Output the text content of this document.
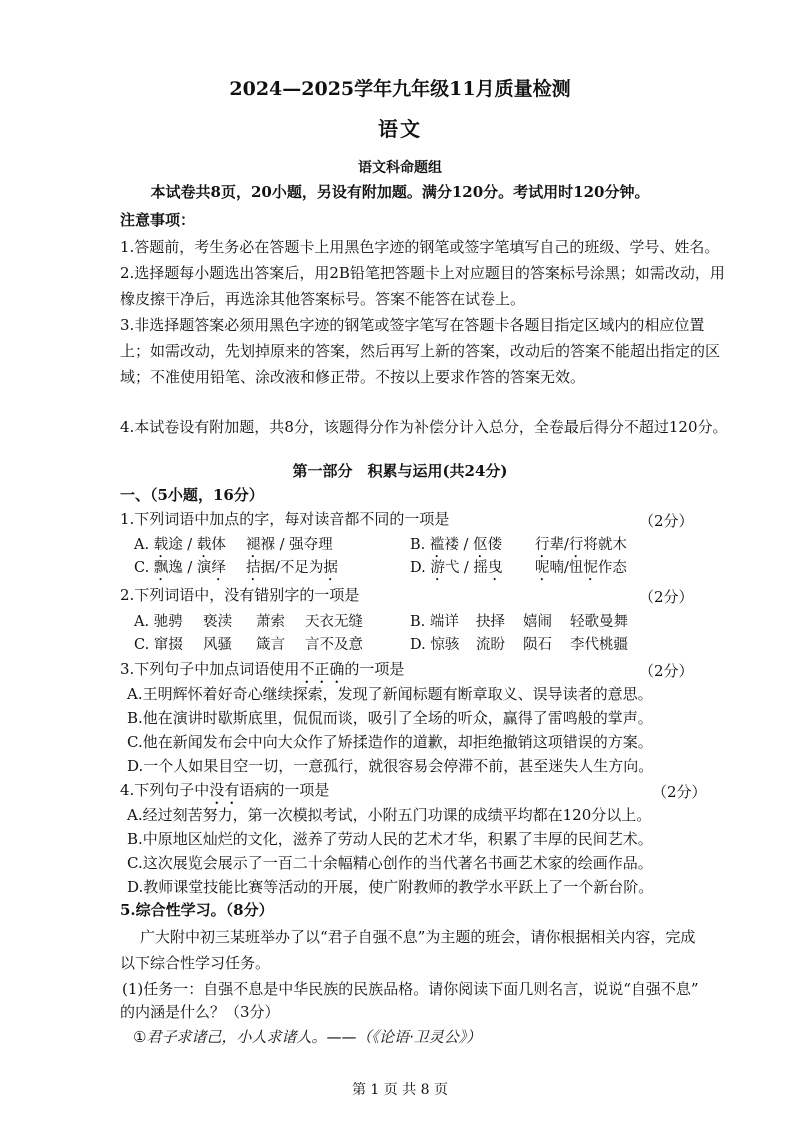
2024—2025学年九年级11月质量检测
语文
语文科命题组
本试卷共8页，20小题，另设有附加题。满分120分。考试用时120分钟。
注意事项：
1.答题前，考生务必在答题卡上用黑色字迹的钢笔或签字笔填写自己的班级、学号、姓名。
2.选择题每小题选出答案后，用2B铅笔把答题卡上对应题目的答案标号涂黑；如需改动，用
橡皮擦干净后，再选涂其他答案标号。答案不能答在试卷上。
3.非选择题答案必须用黑色字迹的钢笔或签字笔写在答题卡各题目指定区域内的相应位置
上；如需改动，先划掉原来的答案，然后再写上新的答案，改动后的答案不能超出指定的区
域；不准使用铅笔、涂改液和修正带。不按以上要求作答的答案无效。
4.本试卷设有附加题，共8分，该题得分作为补偿分计入总分，全卷最后得分不超过120分。
第一部分　积累与运用(共24分)
一、（5小题，16分）
1.下列词语中加点的字，每对读音都不同的一项是	（2分）
A. 载途 / 载体 褪褓 / 强夺理	B. 褴褛 / 伛偻 行辈/行将就木
C. 飘逸 / 演绎 拮据/不足为据	D. 游弋 / 摇曳 呢喃/忸怩作态
2.下列词语中，没有错别字的一项是	（2分）
A. 驰骋 亵渎 萧索 天衣无缝	B. 端详 抉择 嬉闹 轻歌曼舞
C. 窜掇 风骚 箴言 言不及意	D. 惊骇 流盼 陨石 李代桃疆
3.下列句子中加点词语使用不正确的一项是	（2分）
A.王明辉怀着好奇心继续探索，发现了新闻标题有断章取义、误导读者的意思。
B.他在演讲时歇斯底里，侃侃而谈，吸引了全场的听众，赢得了雷鸣般的掌声。
C.他在新闻发布会中向大众作了矫揉造作的道歉，却拒绝撤销这项错误的方案。
D.一个人如果目空一切，一意孤行，就很容易会停滞不前，甚至迷失人生方向。
4.下列句子中没有语病的一项是	（2分）
A.经过刻苦努力，第一次模拟考试，小附五门功课的成绩平均都在120分以上。
B.中原地区灿烂的文化，滋养了劳动人民的艺术才华，积累了丰厚的民间艺术。
C.这次展览会展示了一百二十余幅精心创作的当代著名书画艺术家的绘画作品。
D.教师课堂技能比赛等活动的开展，使广附教师的教学水平跃上了一个新台阶。
5.综合性学习。（8分）
广大附中初三某班举办了以“君子自强不息”为主题的班会，请你根据相关内容，完成
以下综合性学习任务。
(1)任务一：自强不息是中华民族的民族品格。请你阅读下面几则名言，说说“自强不息”
的内涵是什么？（3分）
①君子求诸己，小人求诸人。——（《论语·卫灵公》）
第 1 页 共 8 页
